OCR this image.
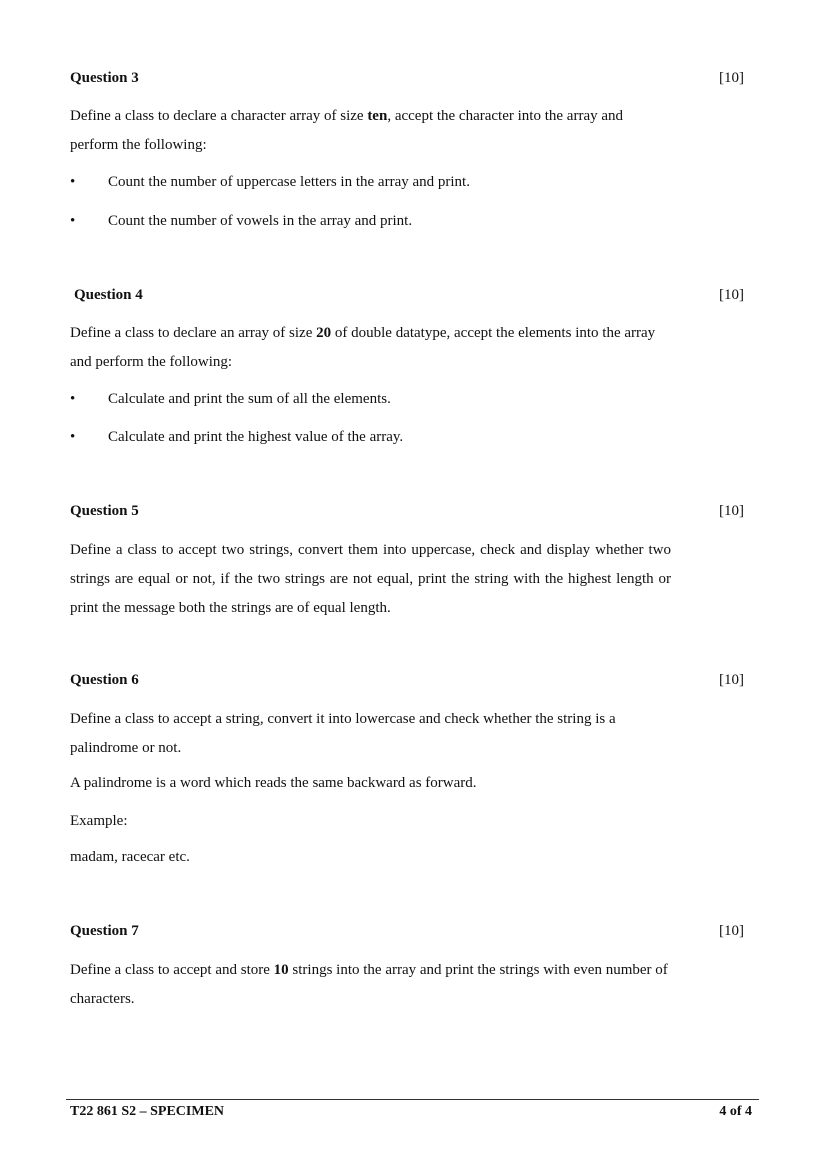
Question 3	[10]
Define a class to declare a character array of size ten, accept the character into the array and perform the following:
• Count the number of uppercase letters in the array and print.
• Count the number of vowels in the array and print.
Question 4	[10]
Define a class to declare an array of size 20 of double datatype, accept the elements into the array and perform the following:
• Calculate and print the sum of all the elements.
• Calculate and print the highest value of the array.
Question 5	[10]
Define a class to accept two strings, convert them into uppercase, check and display whether two strings are equal or not, if the two strings are not equal, print the string with the highest length or print the message both the strings are of equal length.
Question 6	[10]
Define a class to accept a string, convert it into lowercase and check whether the string is a palindrome or not.
A palindrome is a word which reads the same backward as forward.
Example:
madam, racecar etc.
Question 7	[10]
Define a class to accept and store 10 strings into the array and print the strings with even number of characters.
T22 861 S2 – SPECIMEN	4 of 4
